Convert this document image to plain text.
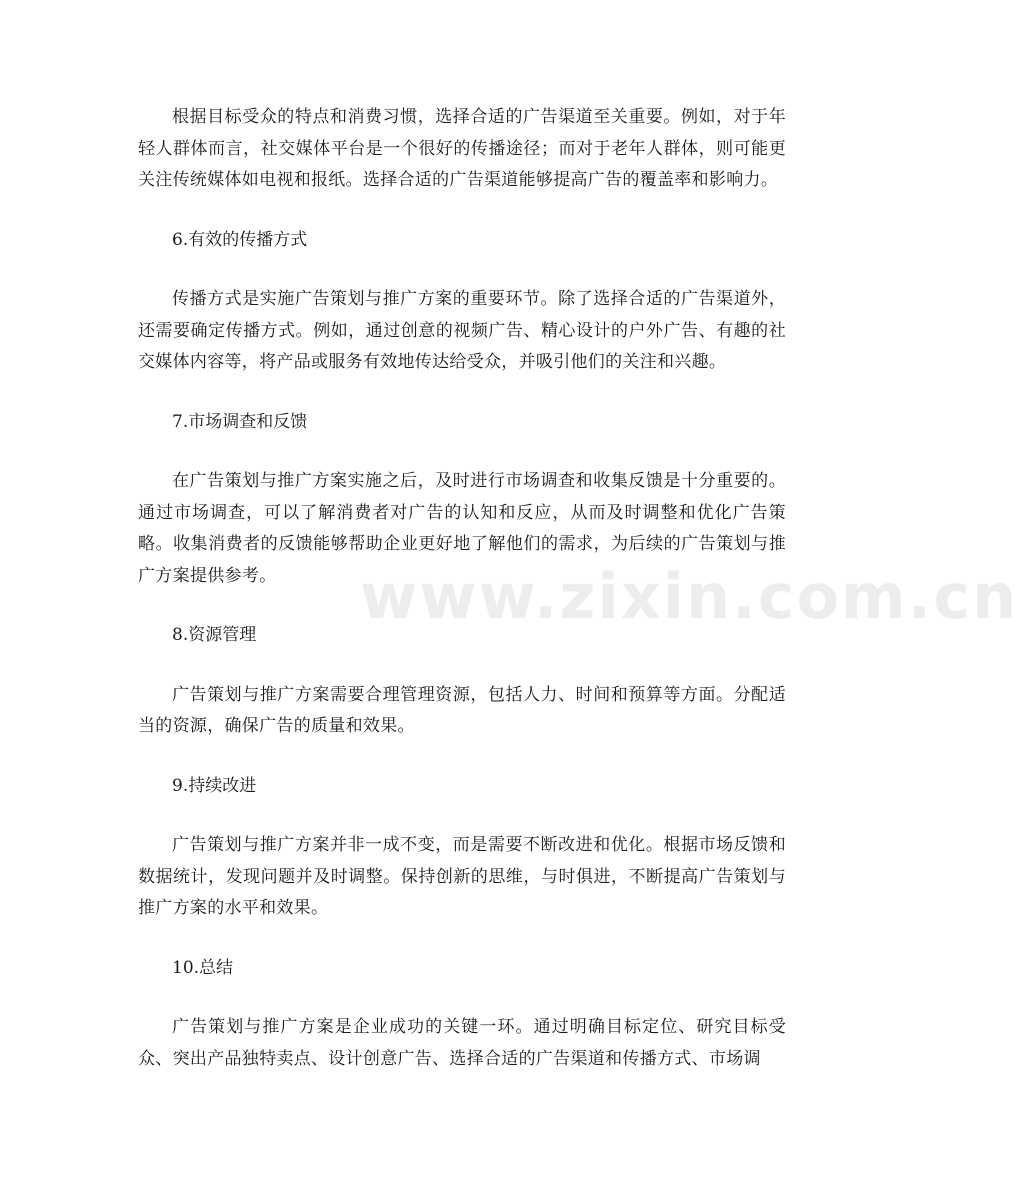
根据目标受众的特点和消费习惯，选择合适的广告渠道至关重要。例如，对于年轻人群体而言，社交媒体平台是一个很好的传播途径；而对于老年人群体，则可能更关注传统媒体如电视和报纸。选择合适的广告渠道能够提高广告的覆盖率和影响力。

6.有效的传播方式

传播方式是实施广告策划与推广方案的重要环节。除了选择合适的广告渠道外，还需要确定传播方式。例如，通过创意的视频广告、精心设计的户外广告、有趣的社交媒体内容等，将产品或服务有效地传达给受众，并吸引他们的关注和兴趣。

7.市场调查和反馈

在广告策划与推广方案实施之后，及时进行市场调查和收集反馈是十分重要的。通过市场调查，可以了解消费者对广告的认知和反应，从而及时调整和优化广告策略。收集消费者的反馈能够帮助企业更好地了解他们的需求，为后续的广告策划与推广方案提供参考。

8.资源管理

广告策划与推广方案需要合理管理资源，包括人力、时间和预算等方面。分配适当的资源，确保广告的质量和效果。

9.持续改进

广告策划与推广方案并非一成不变，而是需要不断改进和优化。根据市场反馈和数据统计，发现问题并及时调整。保持创新的思维，与时俱进，不断提高广告策划与推广方案的水平和效果。

10.总结

广告策划与推广方案是企业成功的关键一环。通过明确目标定位、研究目标受众、突出产品独特卖点、设计创意广告、选择合适的广告渠道和传播方式、市场调

www.zixin.com.cn
